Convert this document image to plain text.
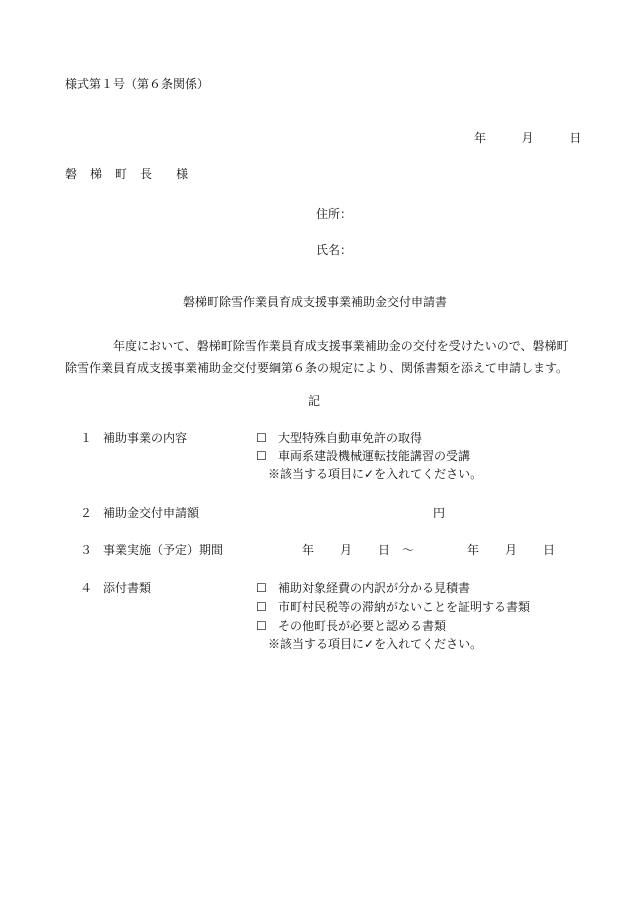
様式第１号（第６条関係）
年	月	日
磐 梯 町 長 様
住所：
氏名：
磐梯町除雪作業員育成支援事業補助金交付申請書
年度において、磐梯町除雪作業員育成支援事業補助金の交付を受けたいので、磐梯町
除雪作業員育成支援事業補助金交付要綱第６条の規定により、関係書類を添えて申請します。
記
１ 補助事業の内容	☐ 大型特殊自動車免許の取得
☐ 車両系建設機械運転技能講習の受講
※該当する項目に✓を入れてください。
２ 補助金交付申請額	円
３ 事業実施（予定）期間	年 月 日 ～	年 月 日
４ 添付書類	☐ 補助対象経費の内訳が分かる見積書
☐ 市町村民税等の滞納がないことを証明する書類
☐ その他町長が必要と認める書類
※該当する項目に✓を入れてください。
